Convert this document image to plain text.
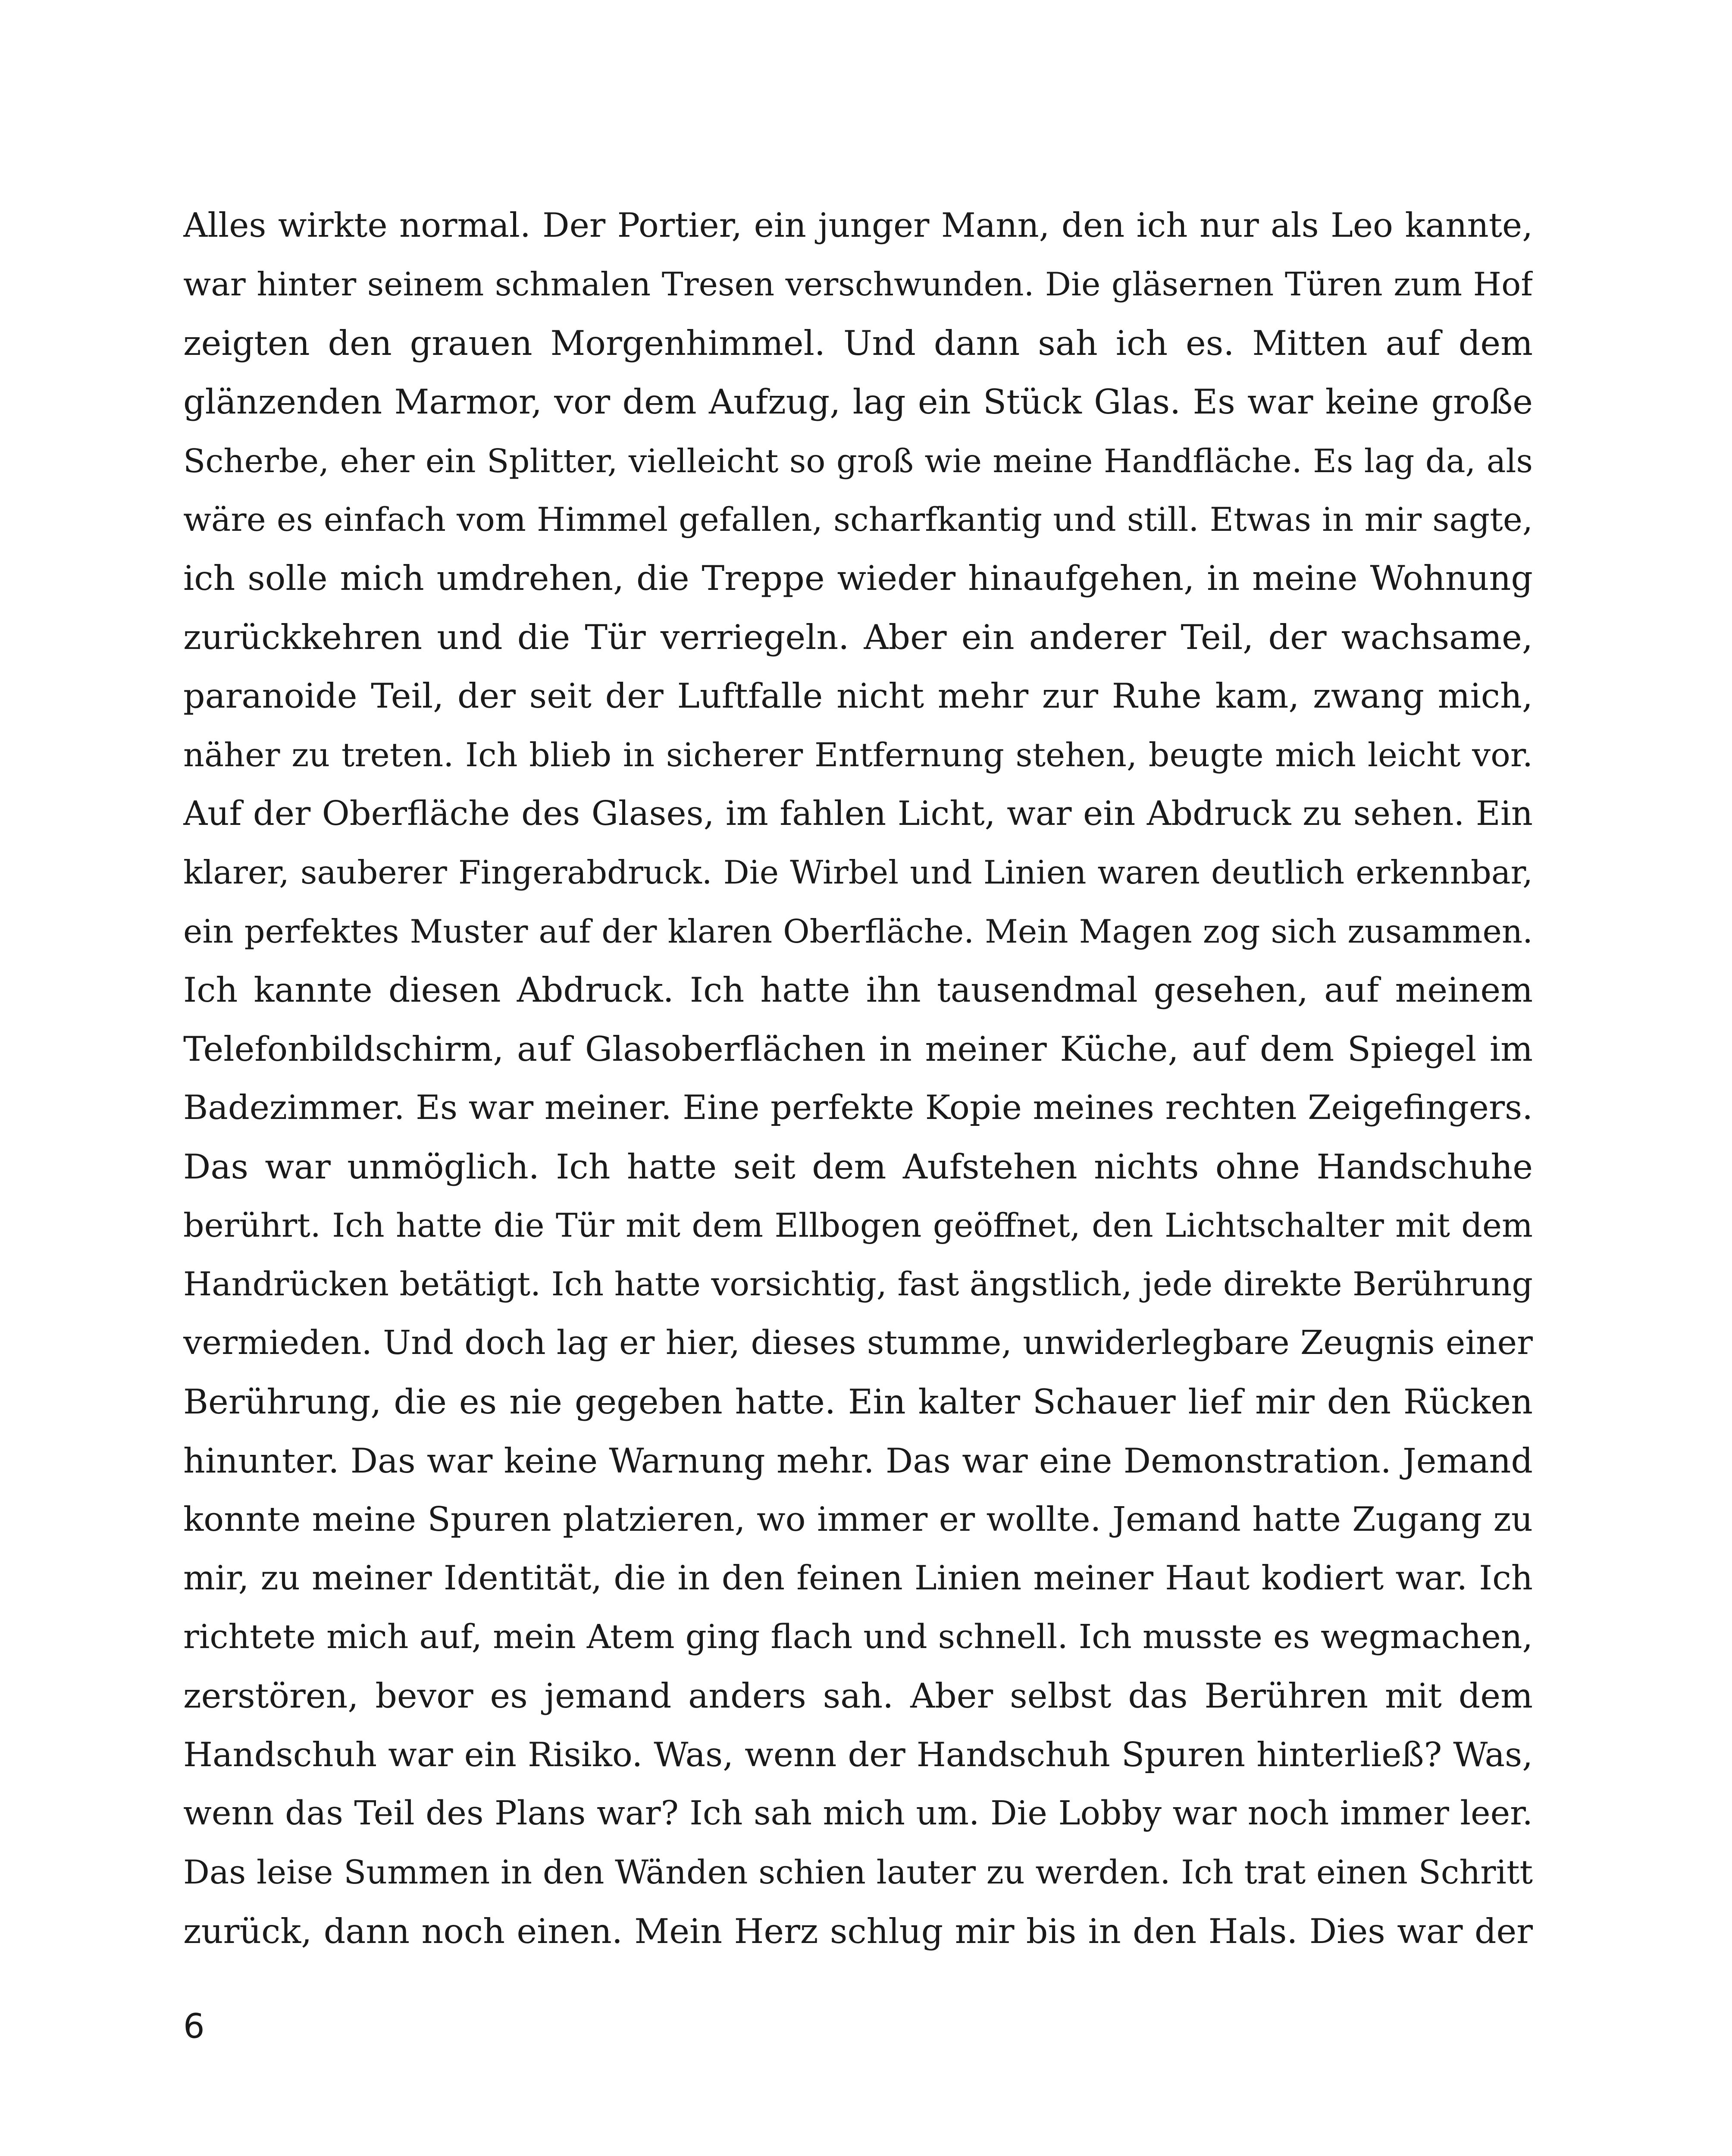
Alles wirkte normal. Der Portier, ein junger Mann, den ich nur als Leo kannte,
war hinter seinem schmalen Tresen verschwunden. Die gläsernen Türen zum Hof
zeigten den grauen Morgenhimmel. Und dann sah ich es. Mitten auf dem
glänzenden Marmor, vor dem Aufzug, lag ein Stück Glas. Es war keine große
Scherbe, eher ein Splitter, vielleicht so groß wie meine Handfläche. Es lag da, als
wäre es einfach vom Himmel gefallen, scharfkantig und still. Etwas in mir sagte,
ich solle mich umdrehen, die Treppe wieder hinaufgehen, in meine Wohnung
zurückkehren und die Tür verriegeln. Aber ein anderer Teil, der wachsame,
paranoide Teil, der seit der Luftfalle nicht mehr zur Ruhe kam, zwang mich,
näher zu treten. Ich blieb in sicherer Entfernung stehen, beugte mich leicht vor.
Auf der Oberfläche des Glases, im fahlen Licht, war ein Abdruck zu sehen. Ein
klarer, sauberer Fingerabdruck. Die Wirbel und Linien waren deutlich erkennbar,
ein perfektes Muster auf der klaren Oberfläche. Mein Magen zog sich zusammen.
Ich kannte diesen Abdruck. Ich hatte ihn tausendmal gesehen, auf meinem
Telefonbildschirm, auf Glasoberflächen in meiner Küche, auf dem Spiegel im
Badezimmer. Es war meiner. Eine perfekte Kopie meines rechten Zeigefingers.
Das war unmöglich. Ich hatte seit dem Aufstehen nichts ohne Handschuhe
berührt. Ich hatte die Tür mit dem Ellbogen geöffnet, den Lichtschalter mit dem
Handrücken betätigt. Ich hatte vorsichtig, fast ängstlich, jede direkte Berührung
vermieden. Und doch lag er hier, dieses stumme, unwiderlegbare Zeugnis einer
Berührung, die es nie gegeben hatte. Ein kalter Schauer lief mir den Rücken
hinunter. Das war keine Warnung mehr. Das war eine Demonstration. Jemand
konnte meine Spuren platzieren, wo immer er wollte. Jemand hatte Zugang zu
mir, zu meiner Identität, die in den feinen Linien meiner Haut kodiert war. Ich
richtete mich auf, mein Atem ging flach und schnell. Ich musste es wegmachen,
zerstören, bevor es jemand anders sah. Aber selbst das Berühren mit dem
Handschuh war ein Risiko. Was, wenn der Handschuh Spuren hinterließ? Was,
wenn das Teil des Plans war? Ich sah mich um. Die Lobby war noch immer leer.
Das leise Summen in den Wänden schien lauter zu werden. Ich trat einen Schritt
zurück, dann noch einen. Mein Herz schlug mir bis in den Hals. Dies war der

6
